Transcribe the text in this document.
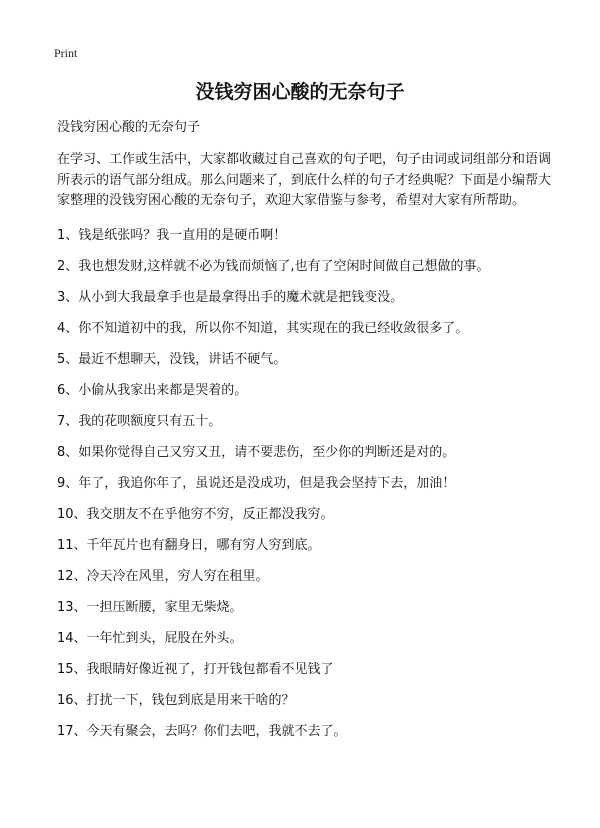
Print
没钱穷困心酸的无奈句子

没钱穷困心酸的无奈句子

在学习、工作或生活中，大家都收藏过自己喜欢的句子吧，句子由词或词组部分和语调所表示的语气部分组成。那么问题来了，到底什么样的句子才经典呢？下面是小编帮大家整理的没钱穷困心酸的无奈句子，欢迎大家借鉴与参考，希望对大家有所帮助。

1、钱是纸张吗？我一直用的是硬币啊！
2、我也想发财,这样就不必为钱而烦恼了,也有了空闲时间做自己想做的事。
3、从小到大我最拿手也是最拿得出手的魔术就是把钱变没。
4、你不知道初中的我，所以你不知道，其实现在的我已经收敛很多了。
5、最近不想聊天，没钱，讲话不硬气。
6、小偷从我家出来都是哭着的。
7、我的花呗额度只有五十。
8、如果你觉得自己又穷又丑，请不要悲伤，至少你的判断还是对的。
9、年了，我追你年了，虽说还是没成功，但是我会坚持下去，加油！
10、我交朋友不在乎他穷不穷，反正都没我穷。
11、千年瓦片也有翻身日，哪有穷人穷到底。
12、冷天冷在风里，穷人穷在租里。
13、一担压断腰，家里无柴烧。
14、一年忙到头，屁股在外头。
15、我眼睛好像近视了，打开钱包都看不见钱了
16、打扰一下，钱包到底是用来干啥的？
17、今天有聚会，去吗？你们去吧，我就不去了。
